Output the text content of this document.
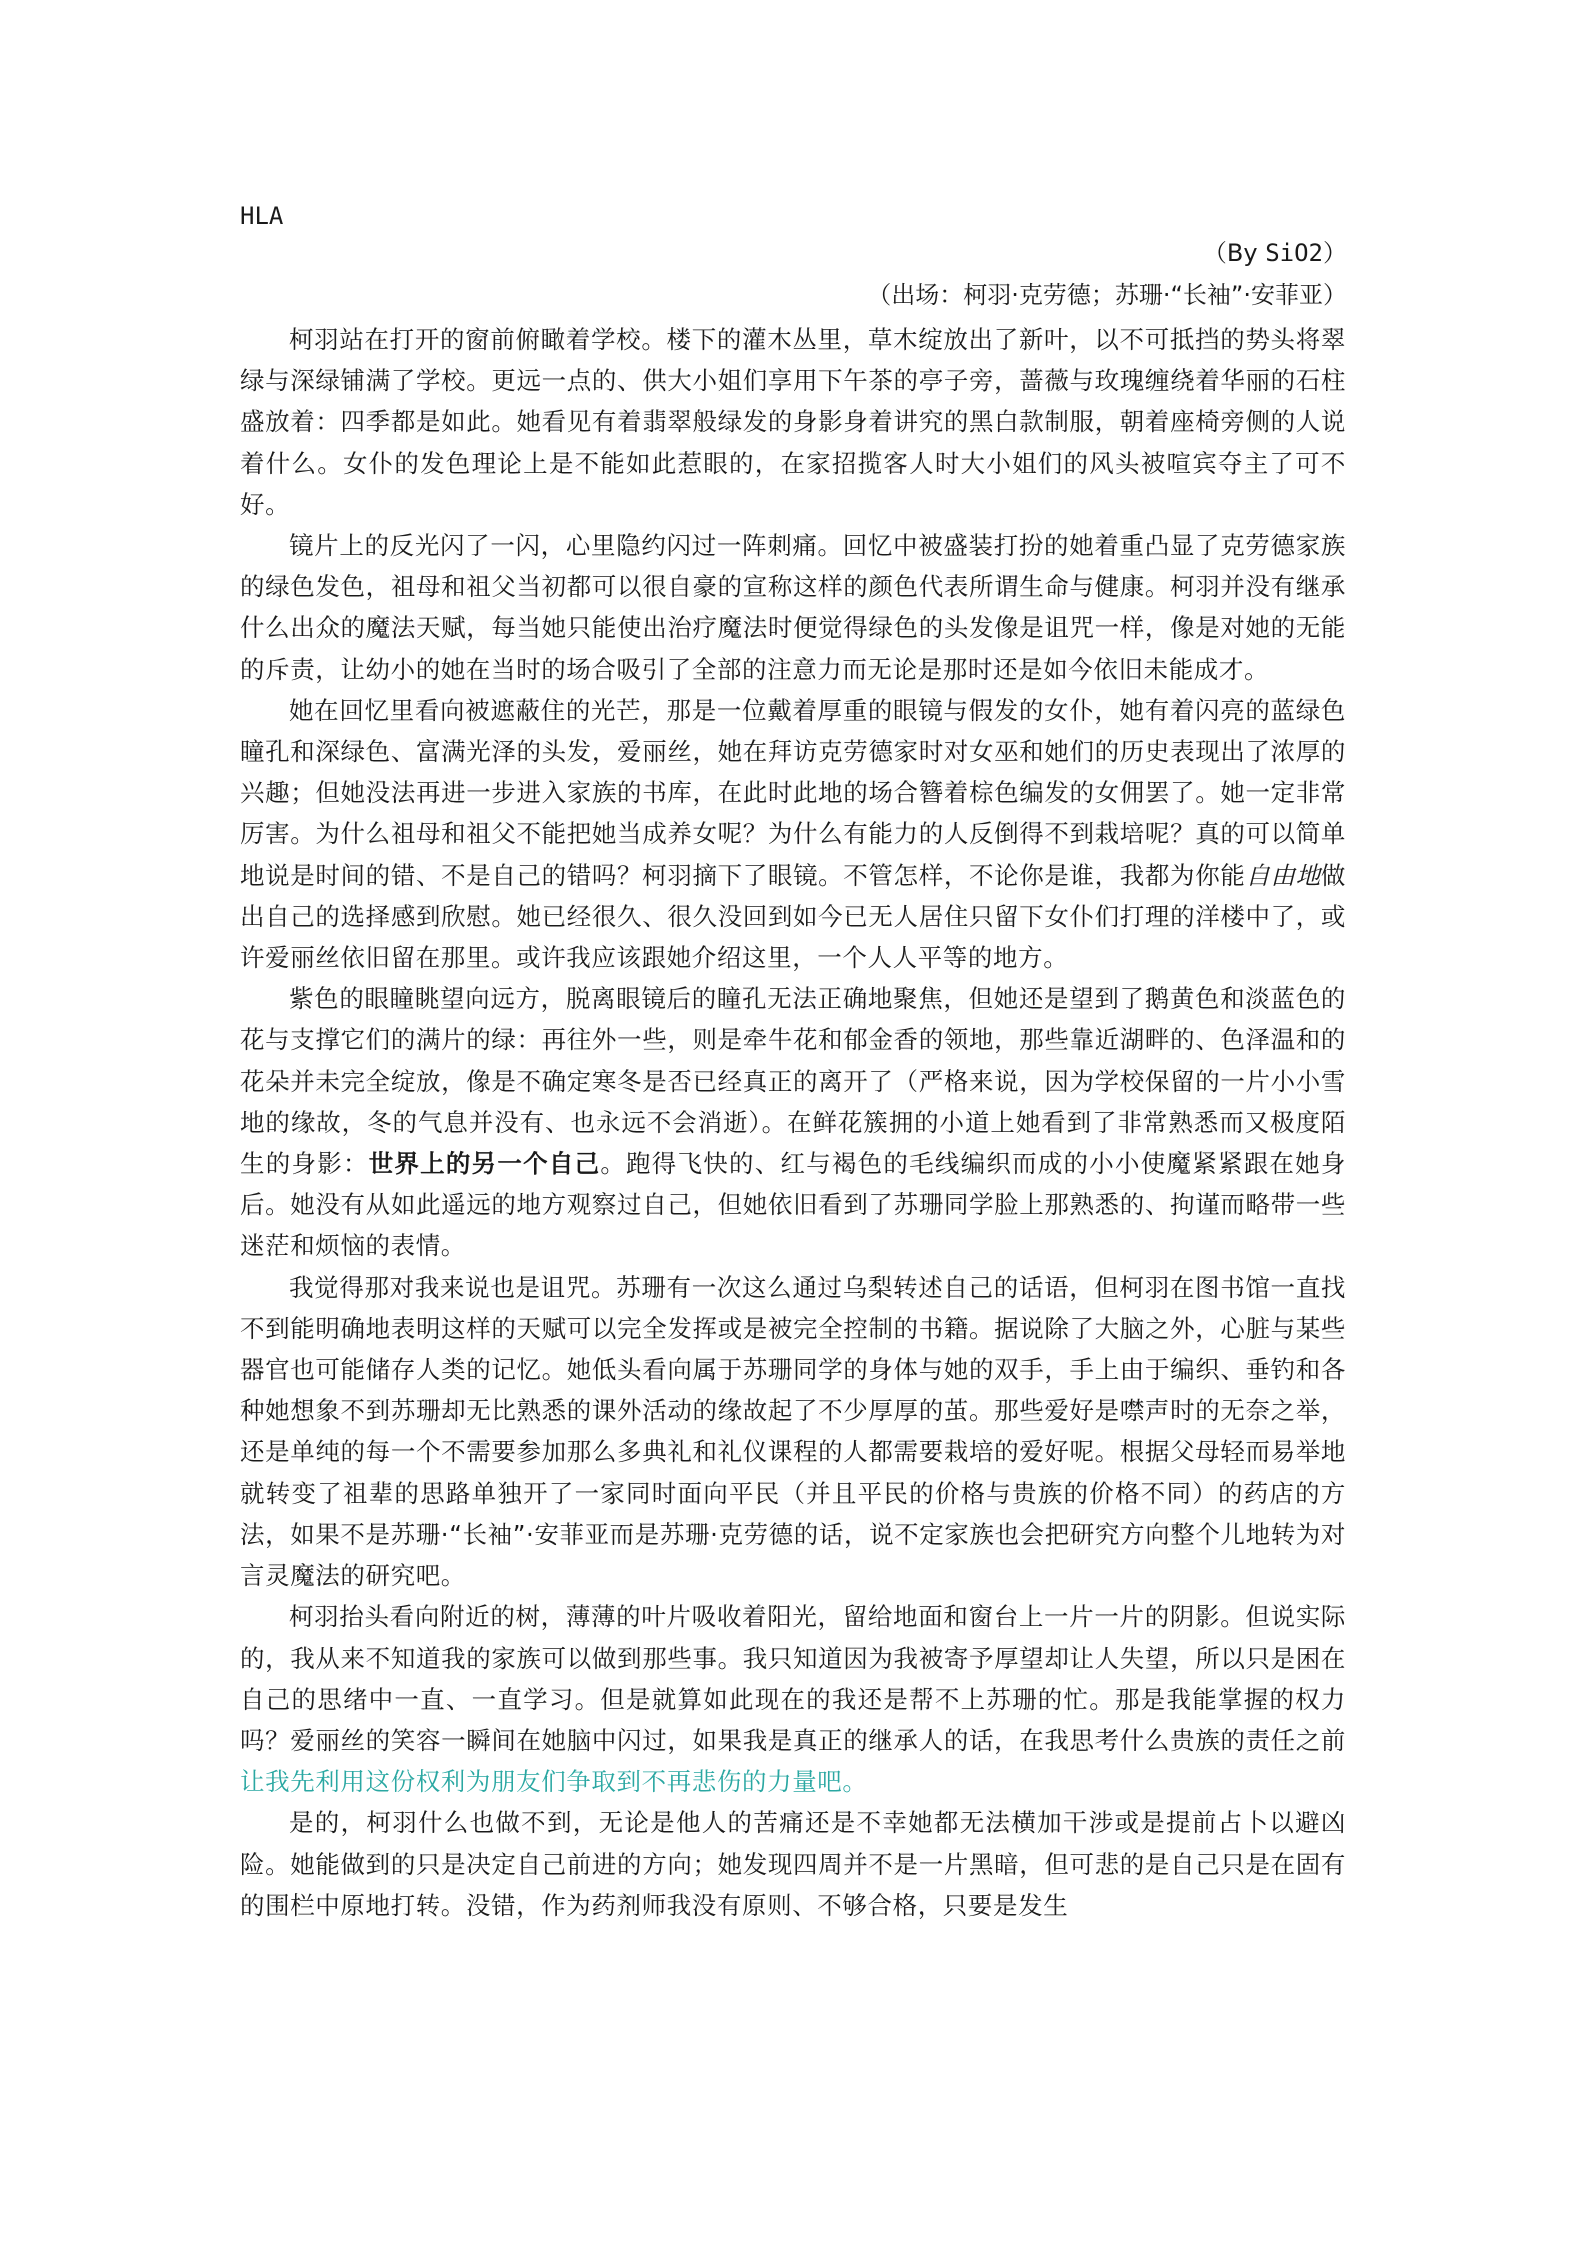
HLA
（By SiO2）
（出场：柯羽·克劳德；苏珊·“长袖”·安菲亚）

柯羽站在打开的窗前俯瞰着学校。楼下的灌木丛里，草木绽放出了新叶，以不可抵挡的势头将翠绿与深绿铺满了学校。更远一点的、供大小姐们享用下午茶的亭子旁，蔷薇与玫瑰缠绕着华丽的石柱盛放着：四季都是如此。她看见有着翡翠般绿发的身影身着讲究的黑白款制服，朝着座椅旁侧的人说着什么。女仆的发色理论上是不能如此惹眼的，在家招揽客人时大小姐们的风头被喧宾夺主了可不好。

镜片上的反光闪了一闪，心里隐约闪过一阵刺痛。回忆中被盛装打扮的她着重凸显了克劳德家族的绿色发色，祖母和祖父当初都可以很自豪的宣称这样的颜色代表所谓生命与健康。柯羽并没有继承什么出众的魔法天赋，每当她只能使出治疗魔法时便觉得绿色的头发像是诅咒一样，像是对她的无能的斥责，让幼小的她在当时的场合吸引了全部的注意力而无论是那时还是如今依旧未能成才。

她在回忆里看向被遮蔽住的光芒，那是一位戴着厚重的眼镜与假发的女仆，她有着闪亮的蓝绿色瞳孔和深绿色、富满光泽的头发，爱丽丝，她在拜访克劳德家时对女巫和她们的历史表现出了浓厚的兴趣；但她没法再进一步进入家族的书库，在此时此地的场合簪着棕色编发的女佣罢了。她一定非常厉害。为什么祖母和祖父不能把她当成养女呢？为什么有能力的人反倒得不到栽培呢？真的可以简单地说是时间的错、不是自己的错吗？柯羽摘下了眼镜。不管怎样，不论你是谁，我都为你能自由地做出自己的选择感到欣慰。她已经很久、很久没回到如今已无人居住只留下女仆们打理的洋楼中了，或许爱丽丝依旧留在那里。或许我应该跟她介绍这里，一个人人平等的地方。

紫色的眼瞳眺望向远方，脱离眼镜后的瞳孔无法正确地聚焦，但她还是望到了鹅黄色和淡蓝色的花与支撑它们的满片的绿：再往外一些，则是牵牛花和郁金香的领地，那些靠近湖畔的、色泽温和的花朵并未完全绽放，像是不确定寒冬是否已经真正的离开了（严格来说，因为学校保留的一片小小雪地的缘故，冬的气息并没有、也永远不会消逝）。在鲜花簇拥的小道上她看到了非常熟悉而又极度陌生的身影：世界上的另一个自己。跑得飞快的、红与褐色的毛线编织而成的小小使魔紧紧跟在她身后。她没有从如此遥远的地方观察过自己，但她依旧看到了苏珊同学脸上那熟悉的、拘谨而略带一些迷茫和烦恼的表情。

我觉得那对我来说也是诅咒。苏珊有一次这么通过乌梨转述自己的话语，但柯羽在图书馆一直找不到能明确地表明这样的天赋可以完全发挥或是被完全控制的书籍。据说除了大脑之外，心脏与某些器官也可能储存人类的记忆。她低头看向属于苏珊同学的身体与她的双手，手上由于编织、垂钓和各种她想象不到苏珊却无比熟悉的课外活动的缘故起了不少厚厚的茧。那些爱好是噤声时的无奈之举，还是单纯的每一个不需要参加那么多典礼和礼仪课程的人都需要栽培的爱好呢。根据父母轻而易举地就转变了祖辈的思路单独开了一家同时面向平民（并且平民的价格与贵族的价格不同）的药店的方法，如果不是苏珊·“长袖”·安菲亚而是苏珊·克劳德的话，说不定家族也会把研究方向整个儿地转为对言灵魔法的研究吧。

柯羽抬头看向附近的树，薄薄的叶片吸收着阳光，留给地面和窗台上一片一片的阴影。但说实际的，我从来不知道我的家族可以做到那些事。我只知道因为我被寄予厚望却让人失望，所以只是困在自己的思绪中一直、一直学习。但是就算如此现在的我还是帮不上苏珊的忙。那是我能掌握的权力吗？爱丽丝的笑容一瞬间在她脑中闪过，如果我是真正的继承人的话，在我思考什么贵族的责任之前让我先利用这份权利为朋友们争取到不再悲伤的力量吧。

是的，柯羽什么也做不到，无论是他人的苦痛还是不幸她都无法横加干涉或是提前占卜以避凶险。她能做到的只是决定自己前进的方向；她发现四周并不是一片黑暗，但可悲的是自己只是在固有的围栏中原地打转。没错，作为药剂师我没有原则、不够合格，只要是发生
